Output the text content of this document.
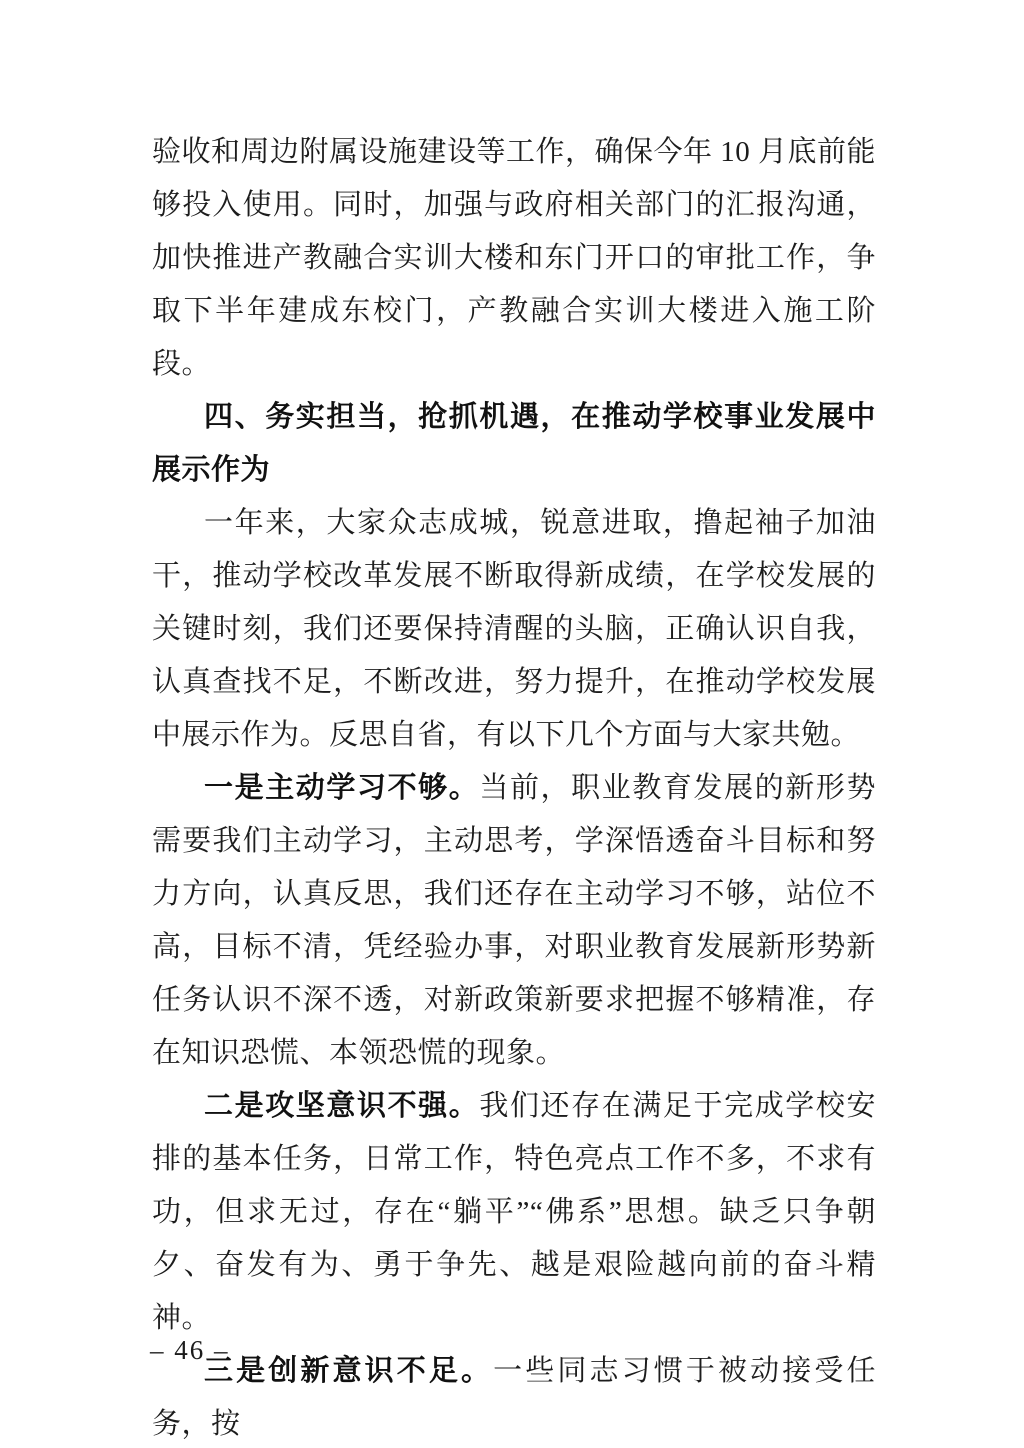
验收和周边附属设施建设等工作，确保今年 10 月底前能够投入使用。同时，加强与政府相关部门的汇报沟通，加快推进产教融合实训大楼和东门开口的审批工作，争取下半年建成东校门，产教融合实训大楼进入施工阶段。

四、务实担当，抢抓机遇，在推动学校事业发展中展示作为

一年来，大家众志成城，锐意进取，撸起袖子加油干，推动学校改革发展不断取得新成绩，在学校发展的关键时刻，我们还要保持清醒的头脑，正确认识自我，认真查找不足，不断改进，努力提升，在推动学校发展中展示作为。反思自省，有以下几个方面与大家共勉。

一是主动学习不够。当前，职业教育发展的新形势需要我们主动学习，主动思考，学深悟透奋斗目标和努力方向，认真反思，我们还存在主动学习不够，站位不高，目标不清，凭经验办事，对职业教育发展新形势新任务认识不深不透，对新政策新要求把握不够精准，存在知识恐慌、本领恐慌的现象。

二是攻坚意识不强。我们还存在满足于完成学校安排的基本任务，日常工作，特色亮点工作不多，不求有功，但求无过，存在“躺平”“佛系”思想。缺乏只争朝夕、奋发有为、勇于争先、越是艰险越向前的奋斗精神。

三是创新意识不足。一些同志习惯于被动接受任务，按

– 46 –
